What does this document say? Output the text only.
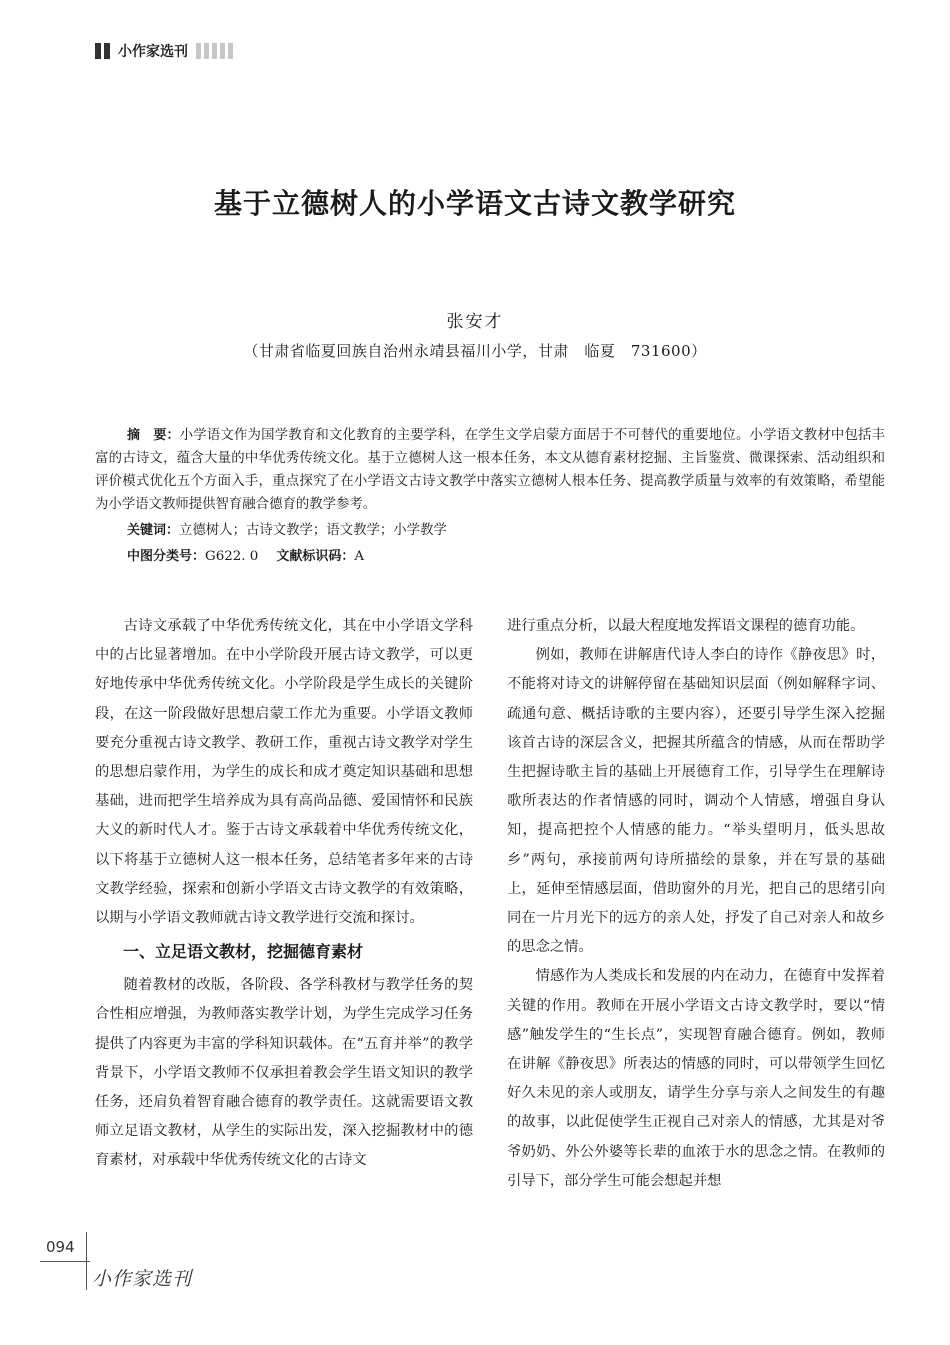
小作家选刊
基于立德树人的小学语文古诗文教学研究
张安才
（甘肃省临夏回族自治州永靖县福川小学，甘肃　临夏　731600）

摘　要：小学语文作为国学教育和文化教育的主要学科，在学生文学启蒙方面居于不可替代的重要地位。小学语文教材中包括丰富的古诗文，蕴含大量的中华优秀传统文化。基于立德树人这一根本任务，本文从德育素材挖掘、主旨鉴赏、微课探索、活动组织和评价模式优化五个方面入手，重点探究了在小学语文古诗文教学中落实立德树人根本任务、提高教学质量与效率的有效策略，希望能为小学语文教师提供智育融合德育的教学参考。

关键词：立德树人；古诗文教学；语文教学；小学教学

中图分类号：G622. 0 文献标识码：A

古诗文承载了中华优秀传统文化，其在中小学语文学科中的占比显著增加。在中小学阶段开展古诗文教学，可以更好地传承中华优秀传统文化。小学阶段是学生成长的关键阶段，在这一阶段做好思想启蒙工作尤为重要。小学语文教师要充分重视古诗文教学、教研工作，重视古诗文教学对学生的思想启蒙作用，为学生的成长和成才奠定知识基础和思想基础，进而把学生培养成为具有高尚品德、爱国情怀和民族大义的新时代人才。鉴于古诗文承载着中华优秀传统文化，以下将基于立德树人这一根本任务，总结笔者多年来的古诗文教学经验，探索和创新小学语文古诗文教学的有效策略，以期与小学语文教师就古诗文教学进行交流和探讨。

一、立足语文教材，挖掘德育素材

随着教材的改版，各阶段、各学科教材与教学任务的契合性相应增强，为教师落实教学计划，为学生完成学习任务提供了内容更为丰富的学科知识载体。在“五育并举”的教学背景下，小学语文教师不仅承担着教会学生语文知识的教学任务，还肩负着智育融合德育的教学责任。这就需要语文教师立足语文教材，从学生的实际出发，深入挖掘教材中的德育素材，对承载中华优秀传统文化的古诗文

进行重点分析，以最大程度地发挥语文课程的德育功能。

例如，教师在讲解唐代诗人李白的诗作《静夜思》时，不能将对诗文的讲解停留在基础知识层面（例如解释字词、疏通句意、概括诗歌的主要内容），还要引导学生深入挖掘该首古诗的深层含义，把握其所蕴含的情感，从而在帮助学生把握诗歌主旨的基础上开展德育工作，引导学生在理解诗歌所表达的作者情感的同时，调动个人情感，增强自身认知，提高把控个人情感的能力。“举头望明月，低头思故乡”两句，承接前两句诗所描绘的景象，并在写景的基础上，延伸至情感层面，借助窗外的月光，把自己的思绪引向同在一片月光下的远方的亲人处，抒发了自己对亲人和故乡的思念之情。

情感作为人类成长和发展的内在动力，在德育中发挥着关键的作用。教师在开展小学语文古诗文教学时，要以“情感”触发学生的“生长点”，实现智育融合德育。例如，教师在讲解《静夜思》所表达的情感的同时，可以带领学生回忆好久未见的亲人或朋友，请学生分享与亲人之间发生的有趣的故事，以此促使学生正视自己对亲人的情感，尤其是对爷爷奶奶、外公外婆等长辈的血浓于水的思念之情。在教师的引导下，部分学生可能会想起并想

094
小作家选刊
